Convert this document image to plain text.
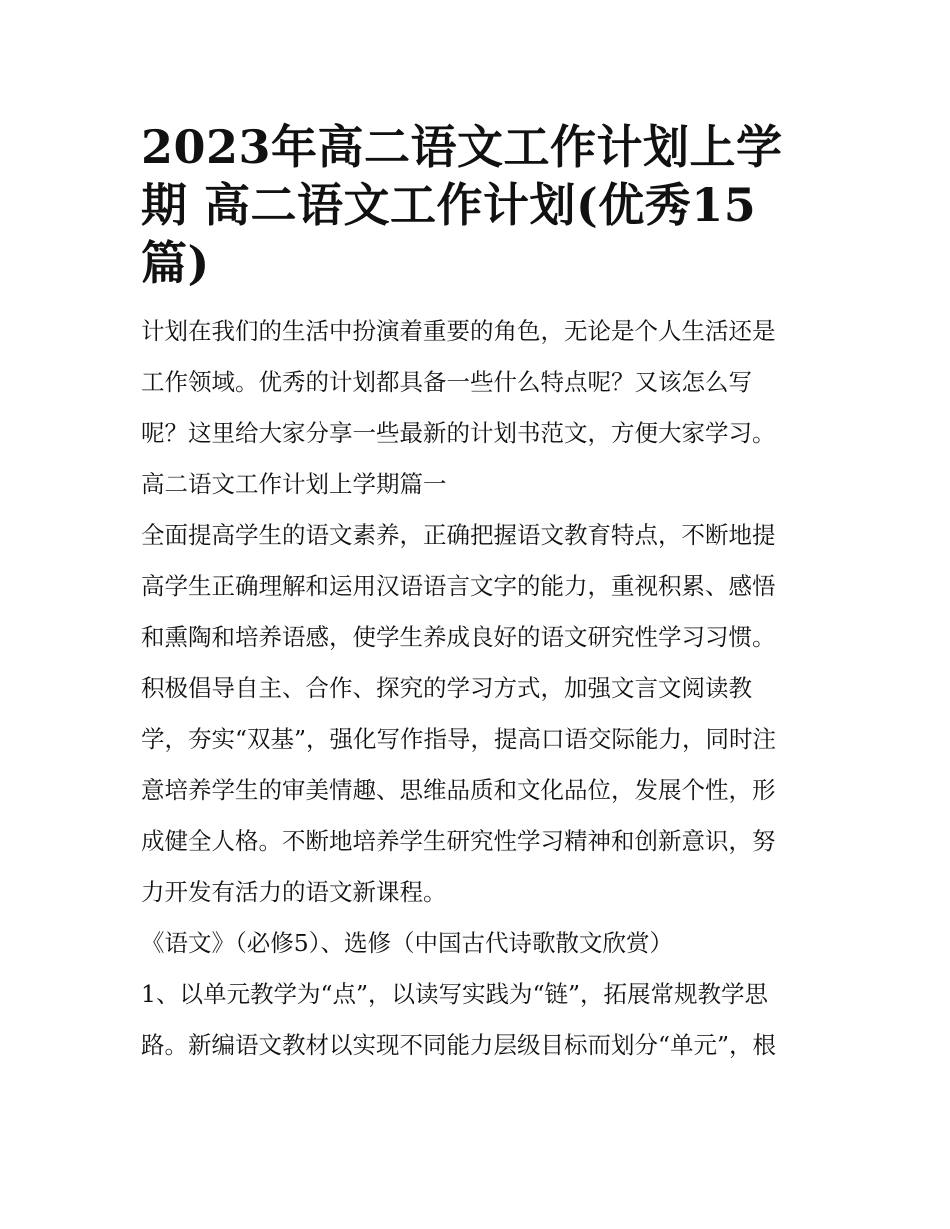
2023年高二语文工作计划上学
期 高二语文工作计划(优秀15
篇)

计划在我们的生活中扮演着重要的角色，无论是个人生活还是
工作领域。优秀的计划都具备一些什么特点呢？又该怎么写
呢？这里给大家分享一些最新的计划书范文，方便大家学习。

高二语文工作计划上学期篇一

全面提高学生的语文素养，正确把握语文教育特点，不断地提
高学生正确理解和运用汉语语言文字的能力，重视积累、感悟
和熏陶和培养语感，使学生养成良好的语文研究性学习习惯。
积极倡导自主、合作、探究的学习方式，加强文言文阅读教
学，夯实“双基”，强化写作指导，提高口语交际能力，同时注
意培养学生的审美情趣、思维品质和文化品位，发展个性，形
成健全人格。不断地培养学生研究性学习精神和创新意识，努
力开发有活力的语文新课程。

《语文》（必修5）、选修（中国古代诗歌散文欣赏）

1、以单元教学为“点”，以读写实践为“链”，拓展常规教学思
路。新编语文教材以实现不同能力层级目标而划分“单元”，根
